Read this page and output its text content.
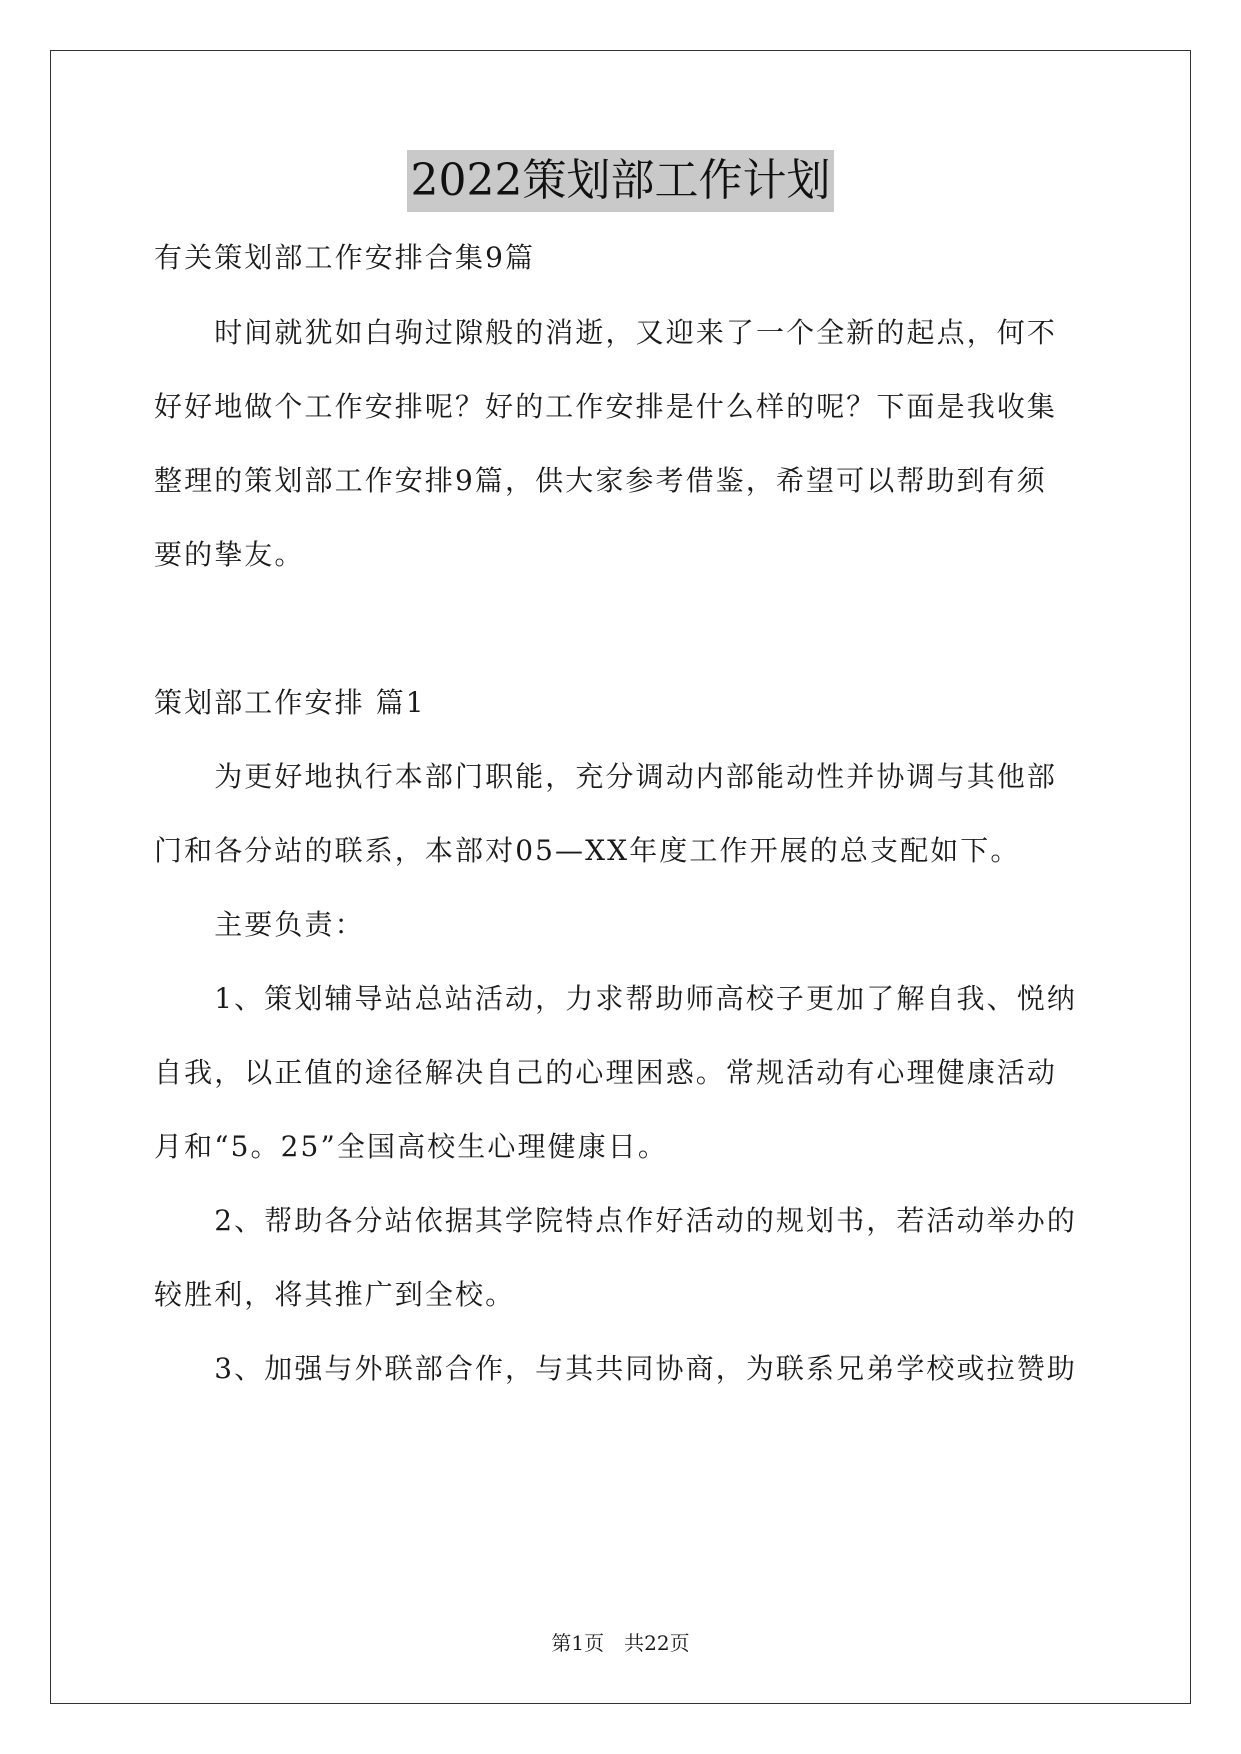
2022策划部工作计划
有关策划部工作安排合集9篇
　　时间就犹如白驹过隙般的消逝，又迎来了一个全新的起点，何不
好好地做个工作安排呢？好的工作安排是什么样的呢？下面是我收集
整理的策划部工作安排9篇，供大家参考借鉴，希望可以帮助到有须
要的挚友。
策划部工作安排 篇1
　　为更好地执行本部门职能，充分调动内部能动性并协调与其他部
门和各分站的联系，本部对05—XX年度工作开展的总支配如下。
　　主要负责：
　　1、策划辅导站总站活动，力求帮助师高校子更加了解自我、悦纳
自我，以正值的途径解决自己的心理困惑。常规活动有心理健康活动
月和“5。25”全国高校生心理健康日。
　　2、帮助各分站依据其学院特点作好活动的规划书，若活动举办的
较胜利，将其推广到全校。
　　3、加强与外联部合作，与其共同协商，为联系兄弟学校或拉赞助
第1页　共22页
